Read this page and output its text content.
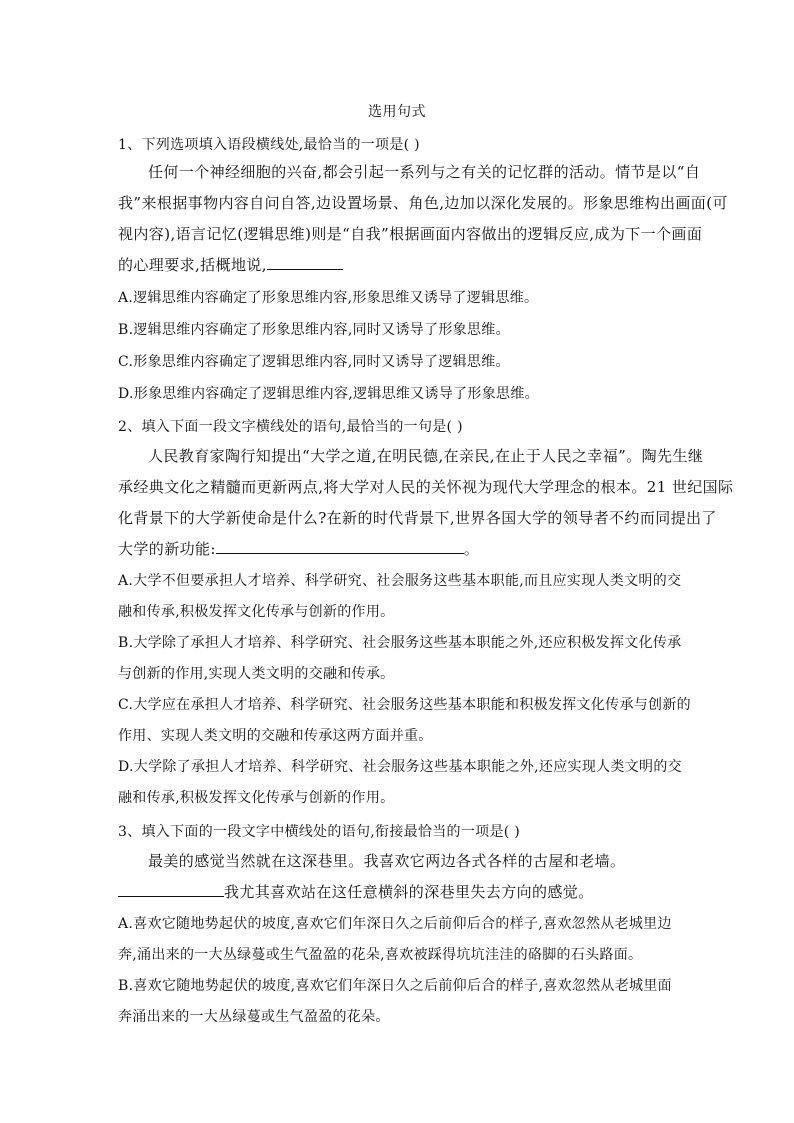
选用句式
1、下列选项填入语段横线处,最恰当的一项是( )
任何一个神经细胞的兴奋,都会引起一系列与之有关的记忆群的活动。情节是以“自
我”来根据事物内容自问自答,边设置场景、角色,边加以深化发展的。形象思维构出画面(可
视内容),语言记忆(逻辑思维)则是“自我”根据画面内容做出的逻辑反应,成为下一个画面
的心理要求,括概地说,
A.逻辑思维内容确定了形象思维内容,形象思维又诱导了逻辑思维。
B.逻辑思维内容确定了形象思维内容,同时又诱导了形象思维。
C.形象思维内容确定了逻辑思维内容,同时又诱导了逻辑思维。
D.形象思维内容确定了逻辑思维内容,逻辑思维又诱导了形象思维。
2、填入下面一段文字横线处的语句,最恰当的一句是( )
人民教育家陶行知提出“大学之道,在明民德,在亲民,在止于人民之幸福”。陶先生继
承经典文化之精髓而更新两点,将大学对人民的关怀视为现代大学理念的根本。21 世纪国际
化背景下的大学新使命是什么?在新的时代背景下,世界各国大学的领导者不约而同提出了
大学的新功能:	。
A.大学不但要承担人才培养、科学研究、社会服务这些基本职能,而且应实现人类文明的交
融和传承,积极发挥文化传承与创新的作用。
B.大学除了承担人才培养、科学研究、社会服务这些基本职能之外,还应积极发挥文化传承
与创新的作用,实现人类文明的交融和传承。
C.大学应在承担人才培养、科学研究、社会服务这些基本职能和积极发挥文化传承与创新的
作用、实现人类文明的交融和传承这两方面并重。
D.大学除了承担人才培养、科学研究、社会服务这些基本职能之外,还应实现人类文明的交
融和传承,积极发挥文化传承与创新的作用。
3、填入下面的一段文字中横线处的语句,衔接最恰当的一项是( )
最美的感觉当然就在这深巷里。我喜欢它两边各式各样的古屋和老墙。
我尤其喜欢站在这任意横斜的深巷里失去方向的感觉。
A.喜欢它随地势起伏的坡度,喜欢它们年深日久之后前仰后合的样子,喜欢忽然从老城里边
奔,涌出来的一大丛绿蔓或生气盈盈的花朵,喜欢被踩得坑坑洼洼的硌脚的石头路面。
B.喜欢它随地势起伏的坡度,喜欢它们年深日久之后前仰后合的样子,喜欢忽然从老城里面
奔涌出来的一大丛绿蔓或生气盈盈的花朵。
